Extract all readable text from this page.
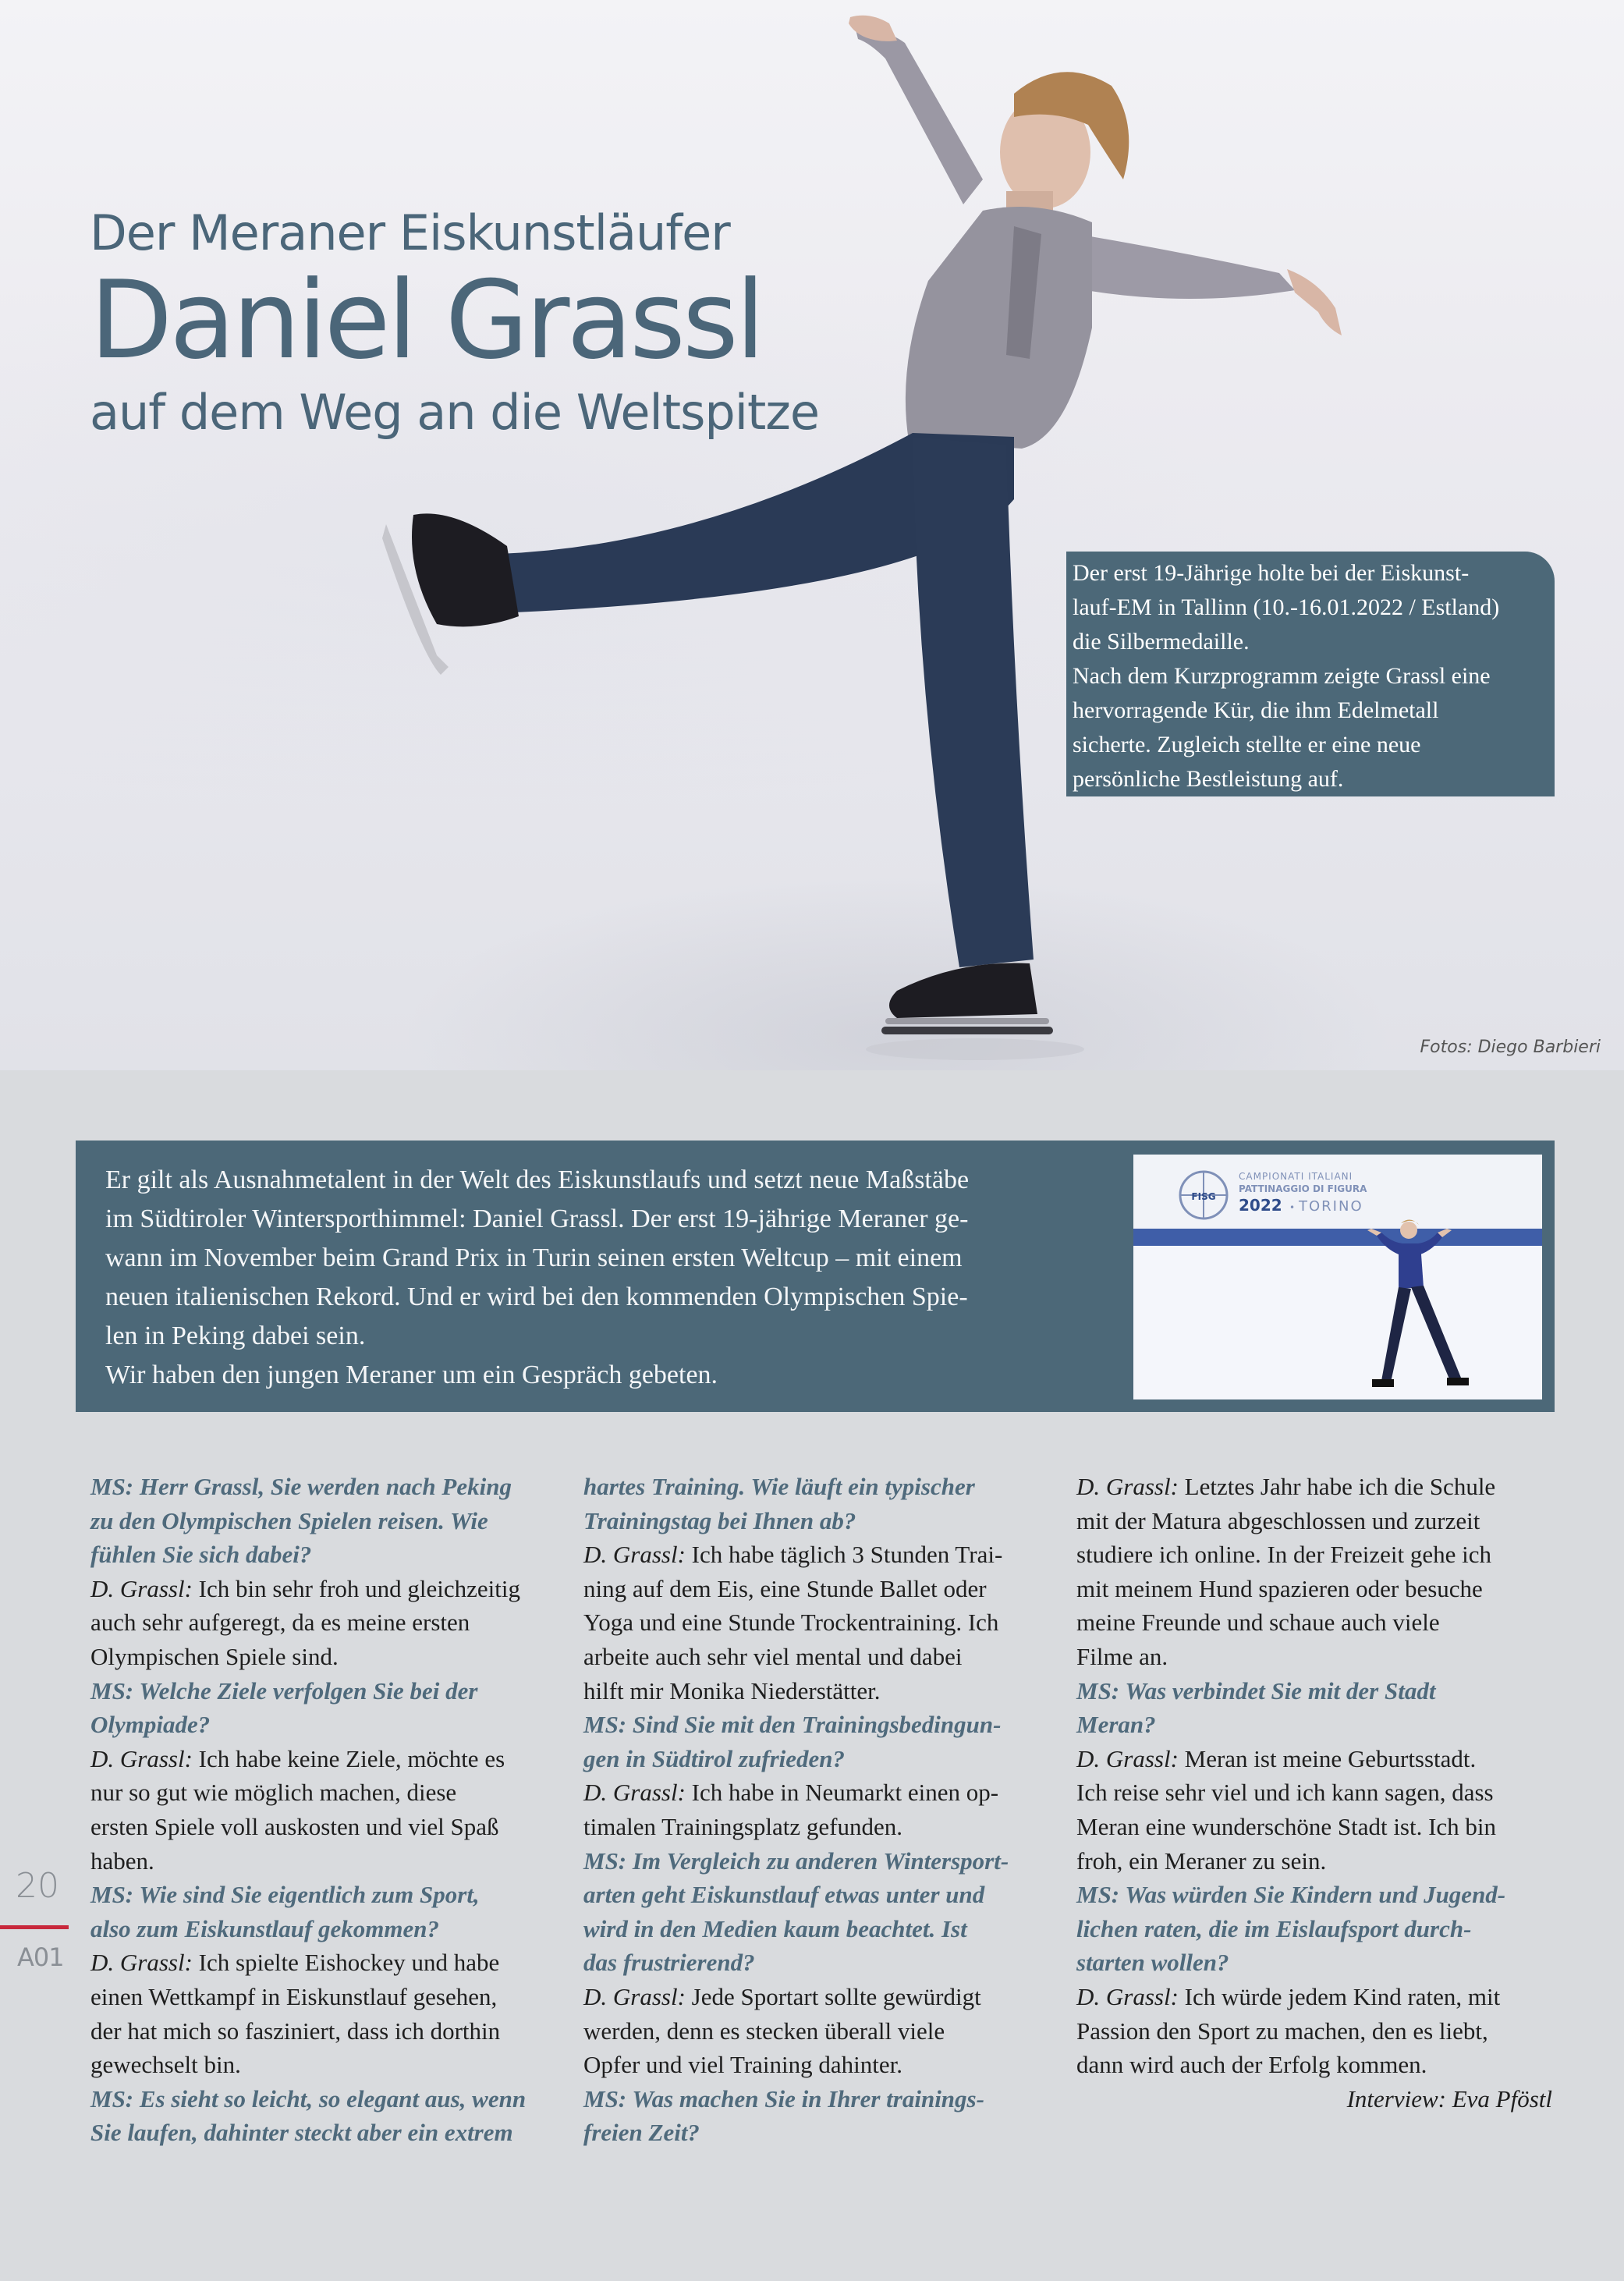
Der Meraner Eiskunstläufer
Daniel Grassl
auf dem Weg an die Weltspitze

Der erst 19-Jährige holte bei der Eiskunst-

lauf-EM in Tallinn (10.-16.01.2022 / Estland)

die Silbermedaille.

Nach dem Kurzprogramm zeigte Grassl eine

hervorragende Kür, die ihm Edelmetall

sicherte. Zugleich stellte er eine neue

persönliche Bestleistung auf.

Fotos: Diego Barbieri

Er gilt als Ausnahmetalent in der Welt des Eiskunstlaufs und setzt neue Maßstäbe

im Südtiroler Wintersporthimmel: Daniel Grassl. Der erst 19-jährige Meraner ge-

wann im November beim Grand Prix in Turin seinen ersten Weltcup – mit einem

neuen italienischen Rekord. Und er wird bei den kommenden Olympischen Spie-

len in Peking dabei sein.

Wir haben den jungen Meraner um ein Gespräch gebeten.

FISG
CAMPIONATI ITALIANI
PATTINAGGIO DI FIGURA
2022 • TORINO

MS: Herr Grassl, Sie werden nach Peking

zu den Olympischen Spielen reisen. Wie

fühlen Sie sich dabei?

D. Grassl: Ich bin sehr froh und gleichzeitig

auch sehr aufgeregt, da es meine ersten

Olympischen Spiele sind.

MS: Welche Ziele verfolgen Sie bei der

Olympiade?

D. Grassl: Ich habe keine Ziele, möchte es

nur so gut wie möglich machen, diese

ersten Spiele voll auskosten und viel Spaß

haben.

MS: Wie sind Sie eigentlich zum Sport,

also zum Eiskunstlauf gekommen?

D. Grassl: Ich spielte Eishockey und habe

einen Wettkampf in Eiskunstlauf gesehen,

der hat mich so fasziniert, dass ich dorthin

gewechselt bin.

MS: Es sieht so leicht, so elegant aus, wenn

Sie laufen, dahinter steckt aber ein extrem

hartes Training. Wie läuft ein typischer

Trainingstag bei Ihnen ab?

D. Grassl: Ich habe täglich 3 Stunden Trai-

ning auf dem Eis, eine Stunde Ballet oder

Yoga und eine Stunde Trockentraining. Ich

arbeite auch sehr viel mental und dabei

hilft mir Monika Niederstätter.

MS: Sind Sie mit den Trainingsbedingun-

gen in Südtirol zufrieden?

D. Grassl: Ich habe in Neumarkt einen op-

timalen Trainingsplatz gefunden.

MS: Im Vergleich zu anderen Wintersport-

arten geht Eiskunstlauf etwas unter und

wird in den Medien kaum beachtet. Ist

das frustrierend?

D. Grassl: Jede Sportart sollte gewürdigt

werden, denn es stecken überall viele

Opfer und viel Training dahinter.

MS: Was machen Sie in Ihrer trainings-

freien Zeit?

D. Grassl: Letztes Jahr habe ich die Schule

mit der Matura abgeschlossen und zurzeit

studiere ich online. In der Freizeit gehe ich

mit meinem Hund spazieren oder besuche

meine Freunde und schaue auch viele

Filme an.

MS: Was verbindet Sie mit der Stadt

Meran?

D. Grassl: Meran ist meine Geburtsstadt.

Ich reise sehr viel und ich kann sagen, dass

Meran eine wunderschöne Stadt ist. Ich bin

froh, ein Meraner zu sein.

MS: Was würden Sie Kindern und Jugend-

lichen raten, die im Eislaufsport durch-

starten wollen?

D. Grassl: Ich würde jedem Kind raten, mit

Passion den Sport zu machen, den es liebt,

dann wird auch der Erfolg kommen.

Interview: Eva Pföstl

20
A01
